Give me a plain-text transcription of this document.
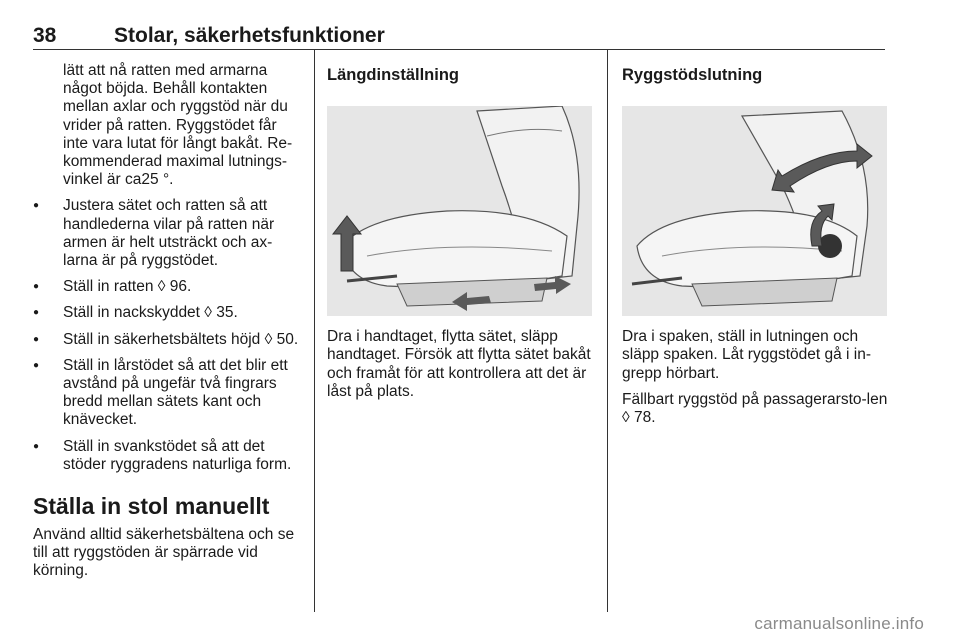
38	Stolar, säkerhetsfunktioner

lätt att nå ratten med armarna något böjda. Behåll kontakten mellan axlar och ryggstöd när du vrider på ratten. Ryggstödet får inte vara lutat för långt bakåt. Re-kommenderad maximal lutnings-vinkel är ca25 °.

● Justera sätet och ratten så att handlederna vilar på ratten när armen är helt utsträckt och ax-larna är på ryggstödet.
● Ställ in ratten ◊ 96.
● Ställ in nackskyddet ◊ 35.
● Ställ in säkerhetsbältets höjd ◊ 50.
● Ställ in lårstödet så att det blir ett avstånd på ungefär två fingrars bredd mellan sätets kant och knävecket.
● Ställ in svankstödet så att det stöder ryggradens naturliga form.
Ställa in stol manuellt

Använd alltid säkerhetsbältena och se till att ryggstöden är spärrade vid körning.

Längdinställning

Dra i handtaget, flytta sätet, släpp handtaget. Försök att flytta sätet bakåt och framåt för att kontrollera att det är låst på plats.

Ryggstödslutning

Dra i spaken, ställ in lutningen och släpp spaken. Låt ryggstödet gå i in-grepp hörbart.

Fällbart ryggstöd på passagerarsto-len ◊ 78.

carmanualsonline.info
